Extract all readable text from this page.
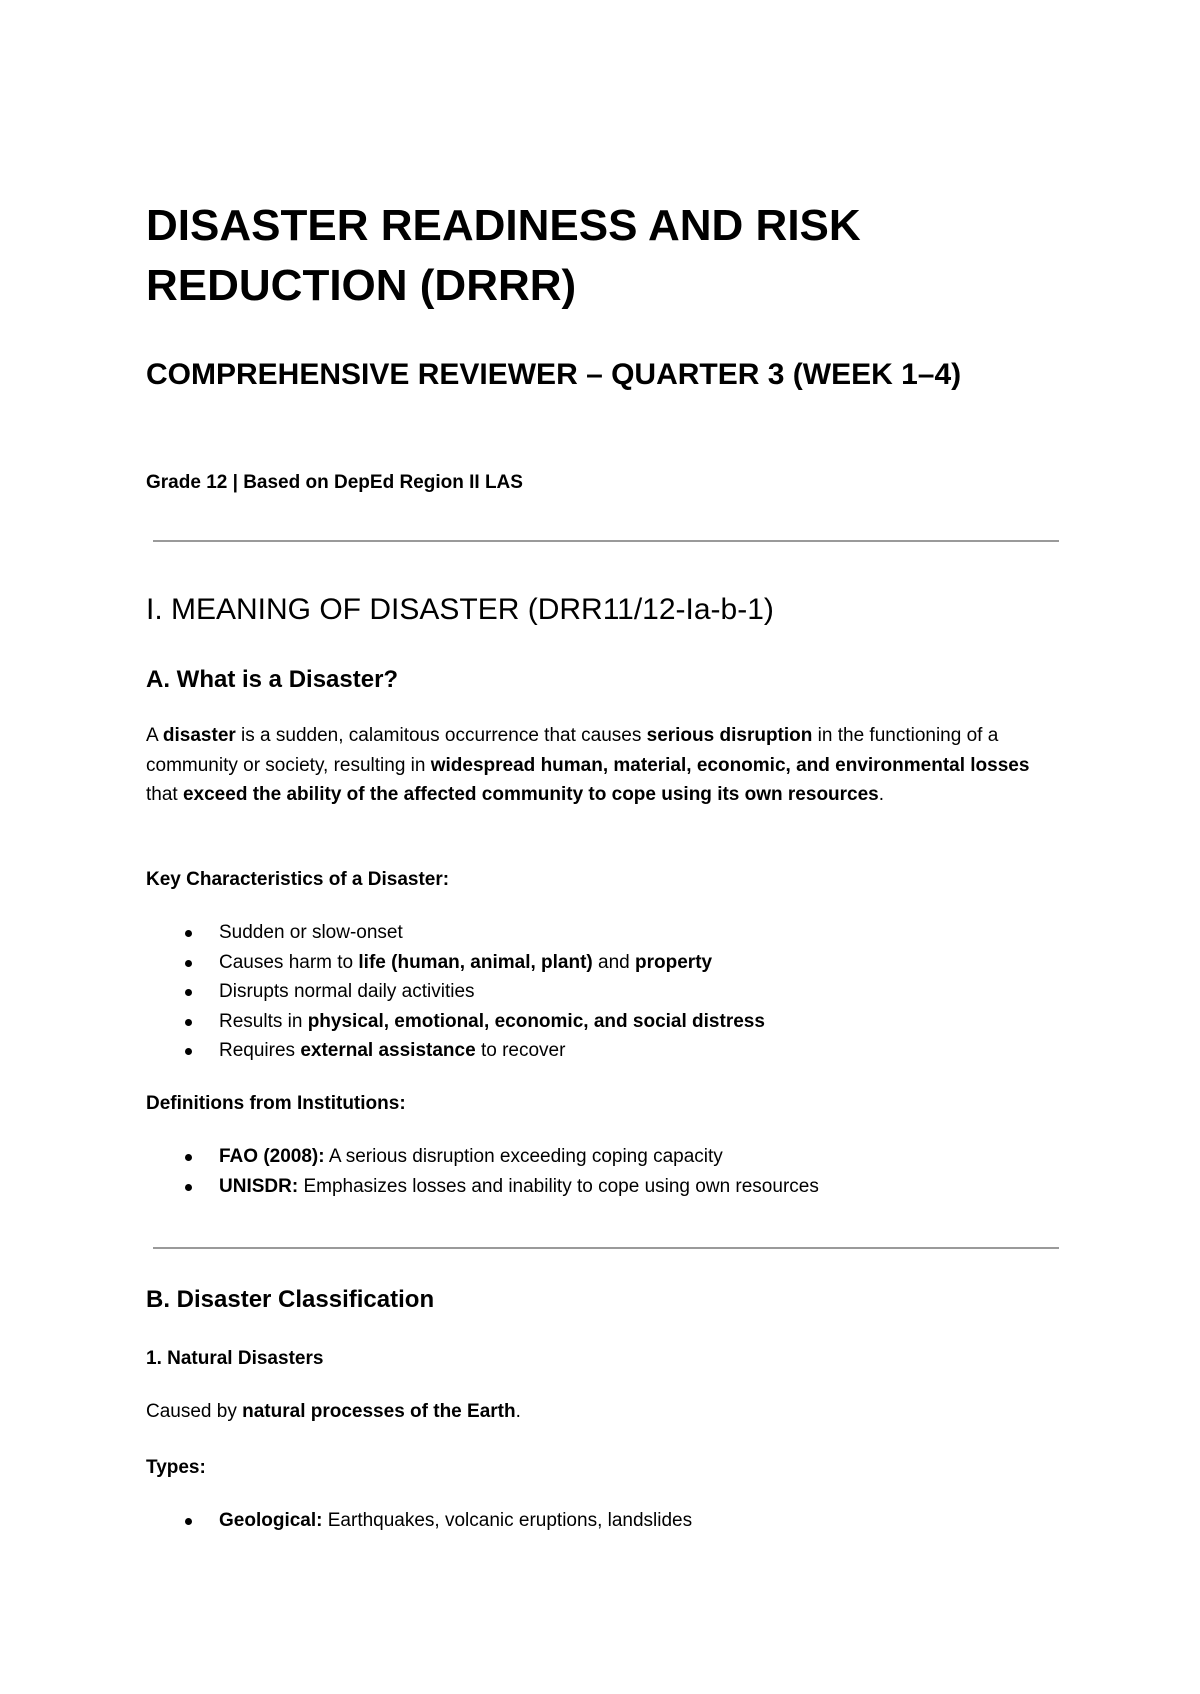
DISASTER READINESS AND RISK REDUCTION (DRRR)
COMPREHENSIVE REVIEWER – QUARTER 3 (WEEK 1–4)

Grade 12 | Based on DepEd Region II LAS

I. MEANING OF DISASTER (DRR11/12-Ia-b-1)
A. What is a Disaster?

A disaster is a sudden, calamitous occurrence that causes serious disruption in the functioning of a community or society, resulting in widespread human, material, economic, and environmental losses that exceed the ability of the affected community to cope using its own resources.

Key Characteristics of a Disaster:

Sudden or slow-onset
Causes harm to life (human, animal, plant) and property
Disrupts normal daily activities
Results in physical, emotional, economic, and social distress
Requires external assistance to recover

Definitions from Institutions:

FAO (2008): A serious disruption exceeding coping capacity
UNISDR: Emphasizes losses and inability to cope using own resources
B. Disaster Classification

1. Natural Disasters

Caused by natural processes of the Earth.

Types:

Geological: Earthquakes, volcanic eruptions, landslides
